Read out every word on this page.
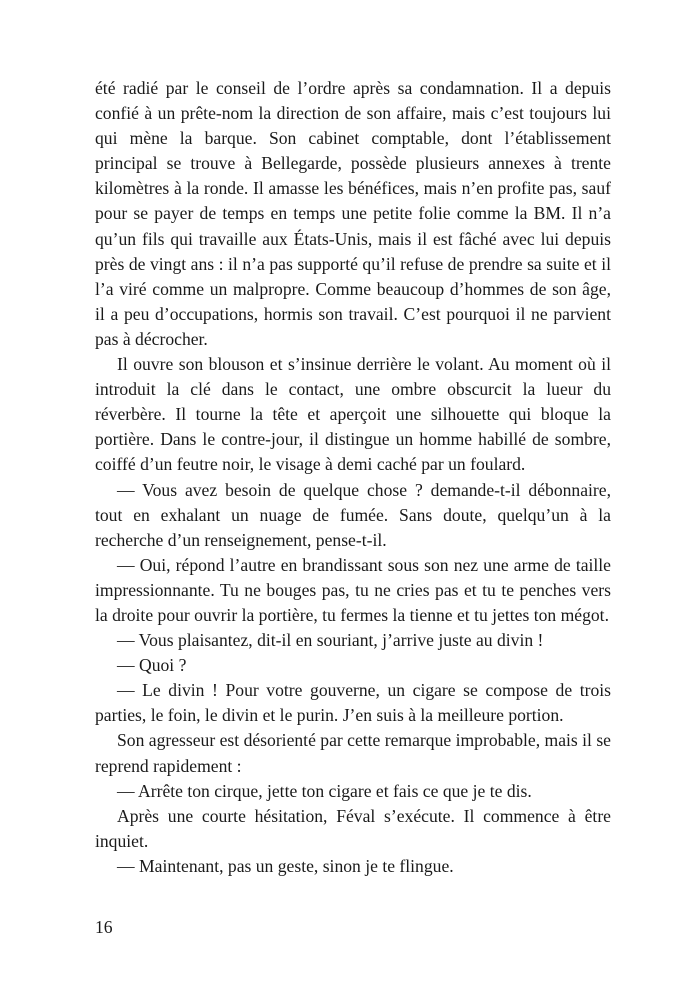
été radié par le conseil de l’ordre après sa condamnation. Il a depuis confié à un prête-nom la direction de son affaire, mais c’est toujours lui qui mène la barque. Son cabinet comptable, dont l’établissement principal se trouve à Bellegarde, possède plusieurs annexes à trente kilomètres à la ronde. Il amasse les bénéfices, mais n’en profite pas, sauf pour se payer de temps en temps une petite folie comme la BM. Il n’a qu’un fils qui travaille aux États-Unis, mais il est fâché avec lui depuis près de vingt ans : il n’a pas supporté qu’il refuse de prendre sa suite et il l’a viré comme un malpropre. Comme beaucoup d’hommes de son âge, il a peu d’occupations, hormis son travail. C’est pourquoi il ne parvient pas à décrocher.

Il ouvre son blouson et s’insinue derrière le volant. Au moment où il introduit la clé dans le contact, une ombre obscurcit la lueur du réverbère. Il tourne la tête et aperçoit une silhouette qui bloque la portière. Dans le contre-jour, il distingue un homme habillé de sombre, coiffé d’un feutre noir, le visage à demi caché par un foulard.

— Vous avez besoin de quelque chose ? demande-t-il débonnaire, tout en exhalant un nuage de fumée. Sans doute, quelqu’un à la recherche d’un renseignement, pense-t-il.

— Oui, répond l’autre en brandissant sous son nez une arme de taille impressionnante. Tu ne bouges pas, tu ne cries pas et tu te penches vers la droite pour ouvrir la portière, tu fermes la tienne et tu jettes ton mégot.

— Vous plaisantez, dit-il en souriant, j’arrive juste au divin !

— Quoi ?

— Le divin ! Pour votre gouverne, un cigare se compose de trois parties, le foin, le divin et le purin. J’en suis à la meilleure portion.

Son agresseur est désorienté par cette remarque improbable, mais il se reprend rapidement :

— Arrête ton cirque, jette ton cigare et fais ce que je te dis.

Après une courte hésitation, Féval s’exécute. Il commence à être inquiet.

— Maintenant, pas un geste, sinon je te flingue.

16
